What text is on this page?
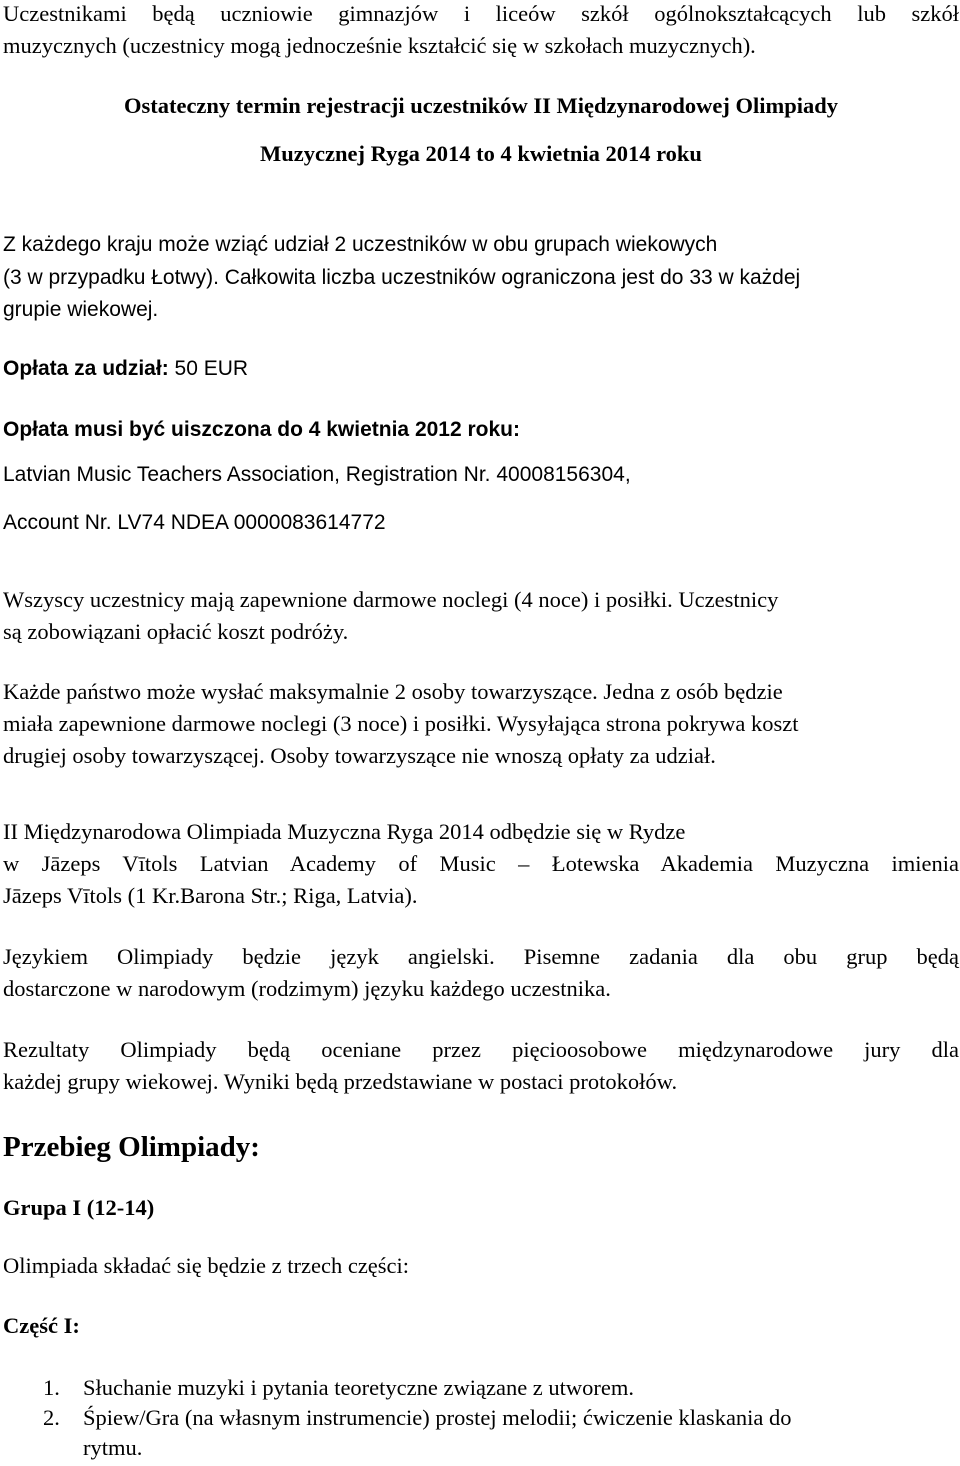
Uczestnikami będą uczniowie gimnazjów i liceów szkół ogólnokształcących lub szkół
muzycznych (uczestnicy mogą jednocześnie kształcić się w szkołach muzycznych).
Ostateczny termin rejestracji uczestników II Międzynarodowej Olimpiady
Muzycznej Ryga 2014 to 4 kwietnia 2014 roku
Z każdego kraju może wziąć udział 2 uczestników w obu grupach wiekowych
(3 w przypadku Łotwy). Całkowita liczba uczestników ograniczona jest do 33 w każdej
grupie wiekowej.
Opłata za udział: 50 EUR
Opłata musi być uiszczona do 4 kwietnia 2012 roku:
Latvian Music Teachers Association, Registration Nr. 40008156304,
Account Nr. LV74 NDEA 0000083614772
Wszyscy uczestnicy mają zapewnione darmowe noclegi (4 noce) i posiłki. Uczestnicy
są zobowiązani opłacić koszt podróży.
Każde państwo może wysłać maksymalnie 2 osoby towarzyszące. Jedna z osób będzie
miała zapewnione darmowe noclegi (3 noce) i posiłki. Wysyłająca strona pokrywa koszt
drugiej osoby towarzyszącej. Osoby towarzyszące nie wnoszą opłaty za udział.
II Międzynarodowa Olimpiada Muzyczna Ryga 2014 odbędzie się w Rydze
w Jāzeps Vītols Latvian Academy of Music – Łotewska Akademia Muzyczna imienia
Jāzeps Vītols (1 Kr.Barona Str.; Riga, Latvia).
Językiem Olimpiady będzie język angielski. Pisemne zadania dla obu grup będą
dostarczone w narodowym (rodzimym) języku każdego uczestnika.
Rezultaty Olimpiady będą oceniane przez pięcioosobowe międzynarodowe jury dla
każdej grupy wiekowej. Wyniki będą przedstawiane w postaci protokołów.
Przebieg Olimpiady:
Grupa I (12-14)
Olimpiada składać się będzie z trzech części:
Część I:
1. Słuchanie muzyki i pytania teoretyczne związane z utworem.
2. Śpiew/Gra (na własnym instrumencie) prostej melodii; ćwiczenie klaskania do
rytmu.
